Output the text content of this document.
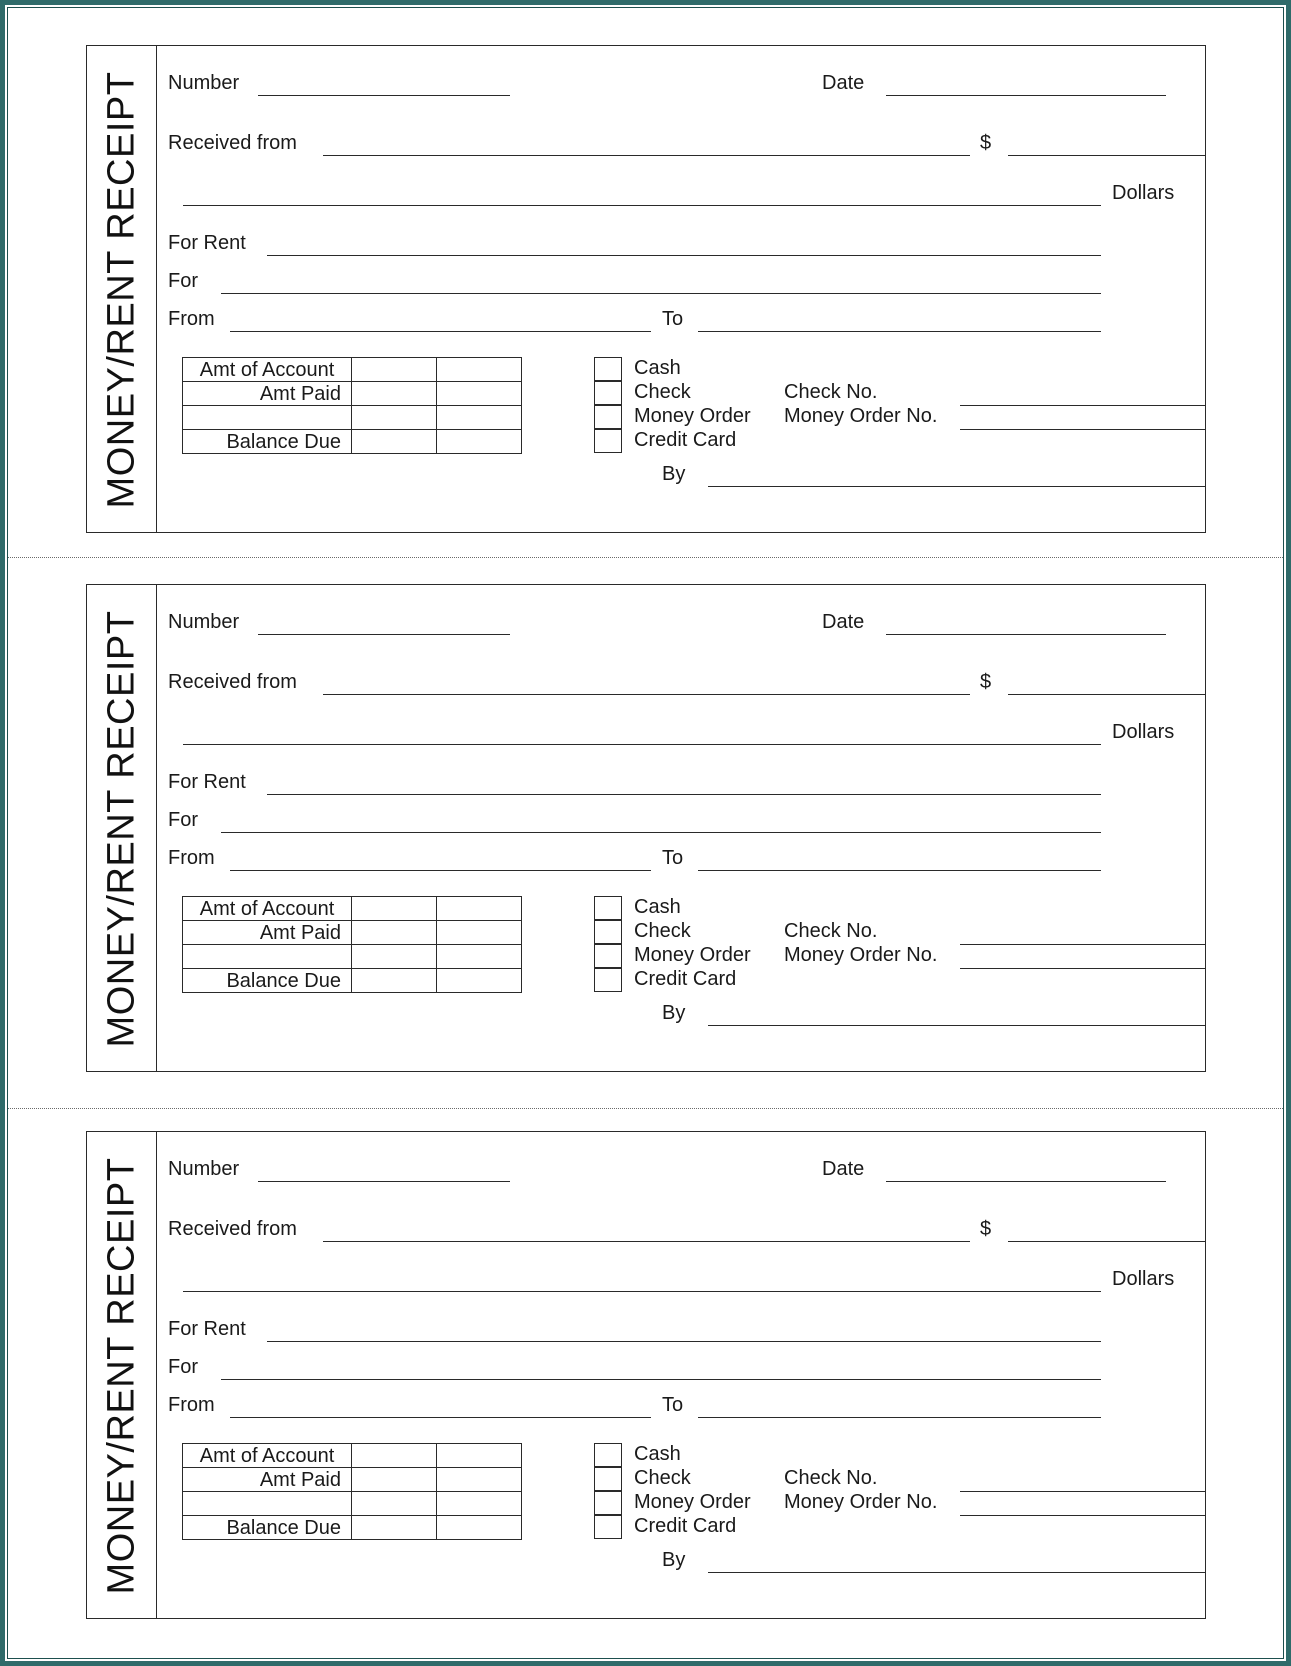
MONEY/RENT RECEIPT Number	Date
Received from	$
Dollars
For Rent
For
From	To
Amt of Account		
Amt Paid		

Balance Due		
Cash
Check
Money Order
Credit Card
Check No.
Money Order No.
By
MONEY/RENT RECEIPT Number	Date
Received from	$
Dollars
For Rent
For
From	To
Amt of Account		
Amt Paid		

Balance Due		
Cash
Check
Money Order
Credit Card
Check No.
Money Order No.
By
MONEY/RENT RECEIPT Number	Date
Received from	$
Dollars
For Rent
For
From	To
Amt of Account		
Amt Paid		

Balance Due		
Cash
Check
Money Order
Credit Card
Check No.
Money Order No.
By
